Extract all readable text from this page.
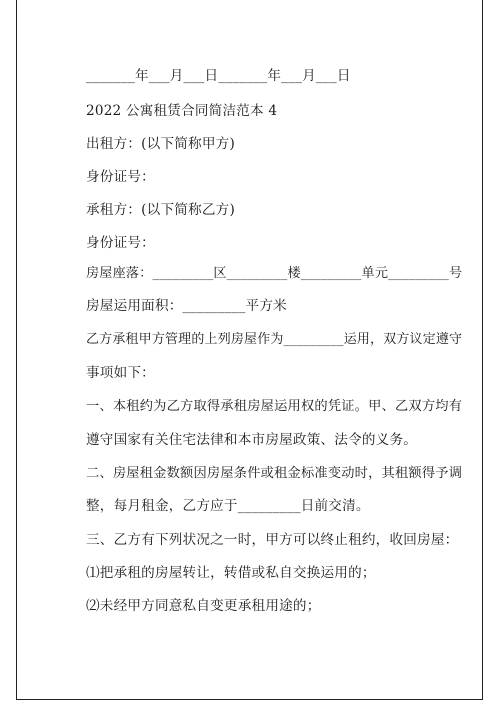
_______年___月___日_______年___月___日
2022 公寓租赁合同简洁范本 4
出租方：(以下简称甲方)
身份证号：
承租方：(以下简称乙方)
身份证号：
房屋座落：_________区_________楼_________单元_________号
房屋运用面积：_________平方米
乙方承租甲方管理的上列房屋作为_________运用，双方议定遵守
事项如下：
一、本租约为乙方取得承租房屋运用权的凭证。甲、乙双方均有
遵守国家有关住宅法律和本市房屋政策、法令的义务。
二、房屋租金数额因房屋条件或租金标准变动时，其租额得予调
整，每月租金，乙方应于_________日前交清。
三、乙方有下列状况之一时，甲方可以终止租约，收回房屋：
⑴把承租的房屋转让，转借或私自交换运用的；
⑵未经甲方同意私自变更承租用途的；
